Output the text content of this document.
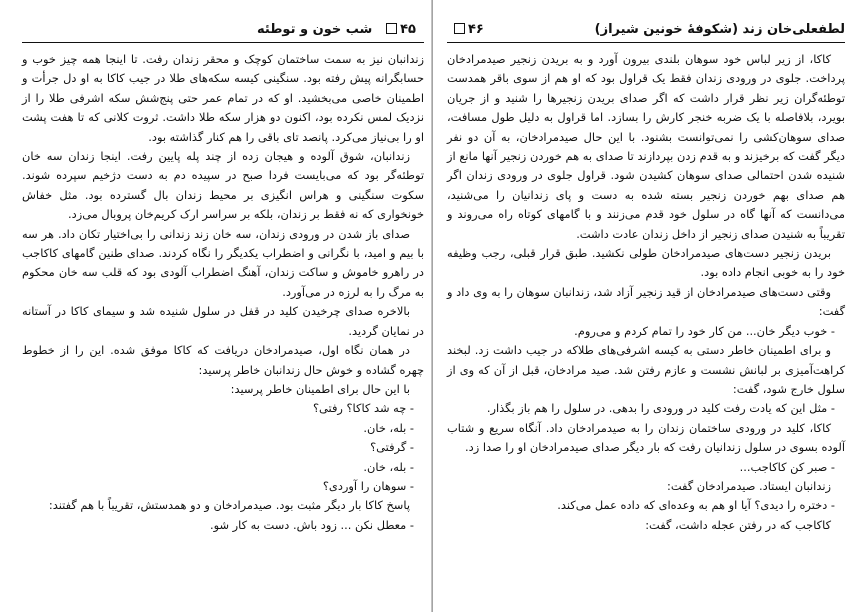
شب خون و توطئه	۴۵

زندانبان نیز به سمت ساختمان کوچک و محقر زندان رفت. تا اینجا همه چیز خوب و حسابگرانه پیش رفته بود. سنگینی کیسه سکه‌های طلا در جیب کاکا به او دل جرأت و اطمینان خاصی می‌بخشید. او که در تمام عمر حتی پنج‌شش سکه اشرفی طلا را از نزدیک لمس نکرده بود، اکنون دو هزار سکه طلا داشت. ثروت کلانی که تا هفت پشت او را بی‌نیاز می‌کرد. پانصد تای باقی را هم کنار گذاشته بود.

زندانبان، شوق آلوده و هیجان زده از چند پله پایین رفت. اینجا زندان سه خان توطئه‌گر بود که می‌بایست فردا صبح در سپیده دم به دست دژخیم سپرده شوند. سکوت سنگینی و هراس انگیزی بر محیط زندان بال گسترده بود. مثل خفاش خونخواری که نه فقط بر زندان، بلکه بر سراسر ارک کریم‌خان پروبال می‌زد.

صدای باز شدن در ورودی زندان، سه خان زند زندانی را بی‌اختیار تکان داد. هر سه با بیم و امید، با نگرانی و اضطراب یکدیگر را نگاه کردند. صدای طنین گامهای کاکاجب در راهرو خاموش و ساکت زندان، آهنگ اضطراب آلودی بود که قلب سه خان محکوم به مرگ را به لرزه در می‌آورد.

بالاخره صدای چرخیدن کلید در قفل در سلول شنیده شد و سیمای کاکا در آستانه در نمایان گردید.

در همان نگاه اول، صیدمرادخان دریافت که کاکا موفق شده. این را از خطوط چهره گشاده و خوش حال زندانبان خاطر پرسید:

با این حال برای اطمینان خاطر پرسید:

- چه شد کاکا؟ رفتی؟

- بله، خان.

- گرفتی؟

- بله، خان.

- سوهان را آوردی؟

پاسخ کاکا بار دیگر مثبت بود. صیدمرادخان و دو همدستش، تقریباً با هم گفتند:

- معطل نکن ... زود باش. دست به کار شو.

۴۶	لطفعلی‌خان زند (شکوفهٔ خونین شیراز)

کاکا، از زیر لباس خود سوهان بلندی بیرون آورد و به بریدن زنجیر صیدمرادخان پرداخت. جلوی در ورودی زندان فقط یک قراول بود که او هم از سوی باقر همدست توطئه‌گران زیر نظر قرار داشت که اگر صدای بریدن زنجیرها را شنید و از جریان بویرد، بلافاصله با یک ضربه خنجر کارش را بسازد. اما قراول به دلیل طول مسافت، صدای سوهان‌کشی را نمی‌توانست بشنود. با این حال صیدمرادخان، به آن دو نفر دیگر گفت که برخیزند و به قدم زدن بپردازند تا صدای به هم خوردن زنجیر آنها مانع از شنیده شدن احتمالی صدای سوهان کشیدن شود. قراول جلوی در ورودی زندان اگر هم صدای بهم خوردن زنجیر بسته شده به دست و پای زندانیان را می‌شنید، می‌دانست که آنها گاه در سلول خود قدم می‌زنند و با گامهای کوتاه راه می‌روند و تقریباً به شنیدن صدای زنجیر از داخل زندان عادت داشت.

بریدن زنجیر دست‌های صیدمرادخان طولی نکشید. طبق قرار قبلی، رجب وظیفه خود را به خوبی انجام داده بود.

وقتی دست‌های صیدمرادخان از قید زنجیر آزاد شد، زندانبان سوهان را به وی داد و گفت:

- خوب دیگر خان... من کار خود را تمام کردم و می‌روم.

و برای اطمینان خاطر دستی به کیسه اشرفی‌های طلاکه در جیب داشت زد. لبخند کراهت‌آمیزی بر لبانش نشست و عازم رفتن شد. صید مرادخان، قبل از آن که وی از سلول خارج شود، گفت:

- مثل این که یادت رفت کلید در ورودی را بدهی. در سلول را هم باز بگذار.

کاکا، کلید در ورودی ساختمان زندان را به صیدمرادخان داد. آنگاه سریع و شتاب آلوده بسوی در سلول زندانیان رفت که بار دیگر صدای صیدمرادخان او را صدا زد.

- صبر کن کاکاجب...

زندانبان ایستاد. صیدمرادخان گفت:

- دختره را دیدی؟ آیا او هم به وعده‌ای که داده عمل می‌کند.

کاکاجب که در رفتن عجله داشت، گفت:
